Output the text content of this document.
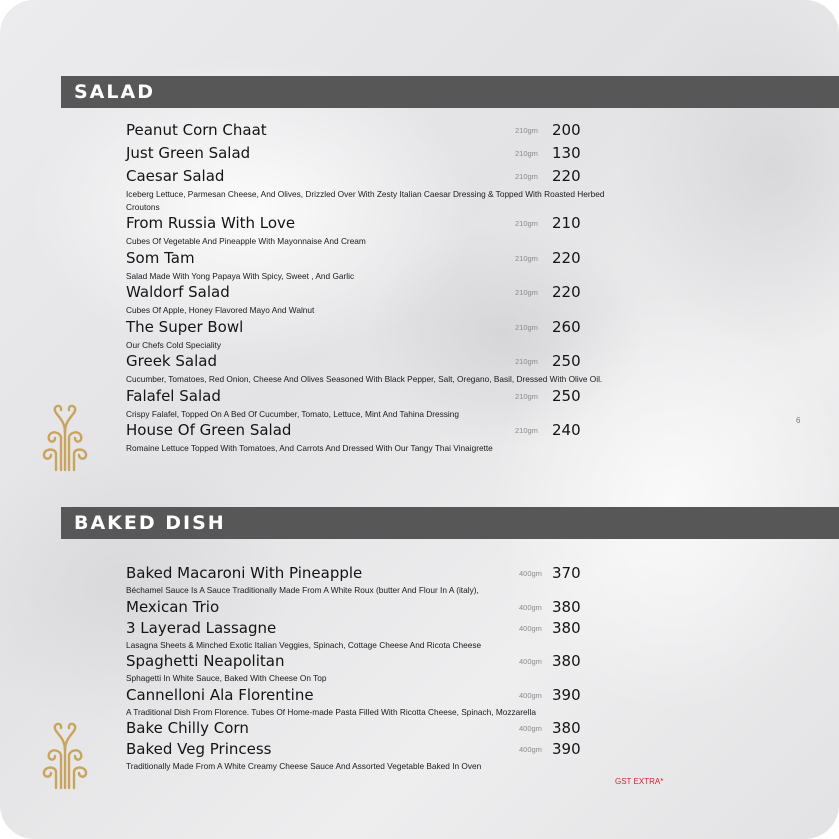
SALAD
Peanut Corn Chaat	210gm 200
Just Green Salad	210gm 130
Caesar Salad	210gm 220
Iceberg Lettuce, Parmesan Cheese, And Olives, Drizzled Over With Zesty Italian Caesar Dressing & Topped With Roasted Herbed Croutons
From Russia With Love	210gm 210
Cubes Of Vegetable And Pineapple With Mayonnaise And Cream
Som Tam	210gm 220
Salad Made With Yong Papaya With Spicy, Sweet , And Garlic
Waldorf Salad	210gm 220
Cubes Of Apple, Honey Flavored Mayo And Walnut
The Super Bowl	210gm 260
Our Chefs Cold Speciality
Greek Salad	210gm 250
Cucumber, Tomatoes, Red Onion, Cheese And Olives Seasoned With Black Pepper, Salt, Oregano, Basil, Dressed With Olive Oil.
Falafel Salad	210gm 250
Crispy Falafel, Topped On A Bed Of Cucumber, Tomato, Lettuce, Mint And Tahina Dressing
House Of Green Salad	210gm 240
Romaine Lettuce Topped With Tomatoes, And Carrots And Dressed With Our Tangy Thai Vinaigrette
BAKED DISH
Baked Macaroni With Pineapple	400gm 370
Béchamel Sauce Is A Sauce Traditionally Made From A White Roux (butter And Flour In A (italy),
Mexican Trio	400gm 380
3 Layerad Lassagne	400gm 380
Lasagna Sheets & Minched Exotic Italian Veggies, Spinach, Cottage Cheese And Ricota Cheese
Spaghetti Neapolitan	400gm 380
Sphagetti In White Sauce, Baked With Cheese On Top
Cannelloni Ala Florentine	400gm 390
A Traditional Dish From Florence. Tubes Of Home-made Pasta Filled With Ricotta Cheese, Spinach, Mozzarella
Bake Chilly Corn	400gm 380
Baked Veg Princess	400gm 390
Traditionally Made From A White Creamy Cheese Sauce And Assorted Vegetable Baked In Oven
6
GST EXTRA*
